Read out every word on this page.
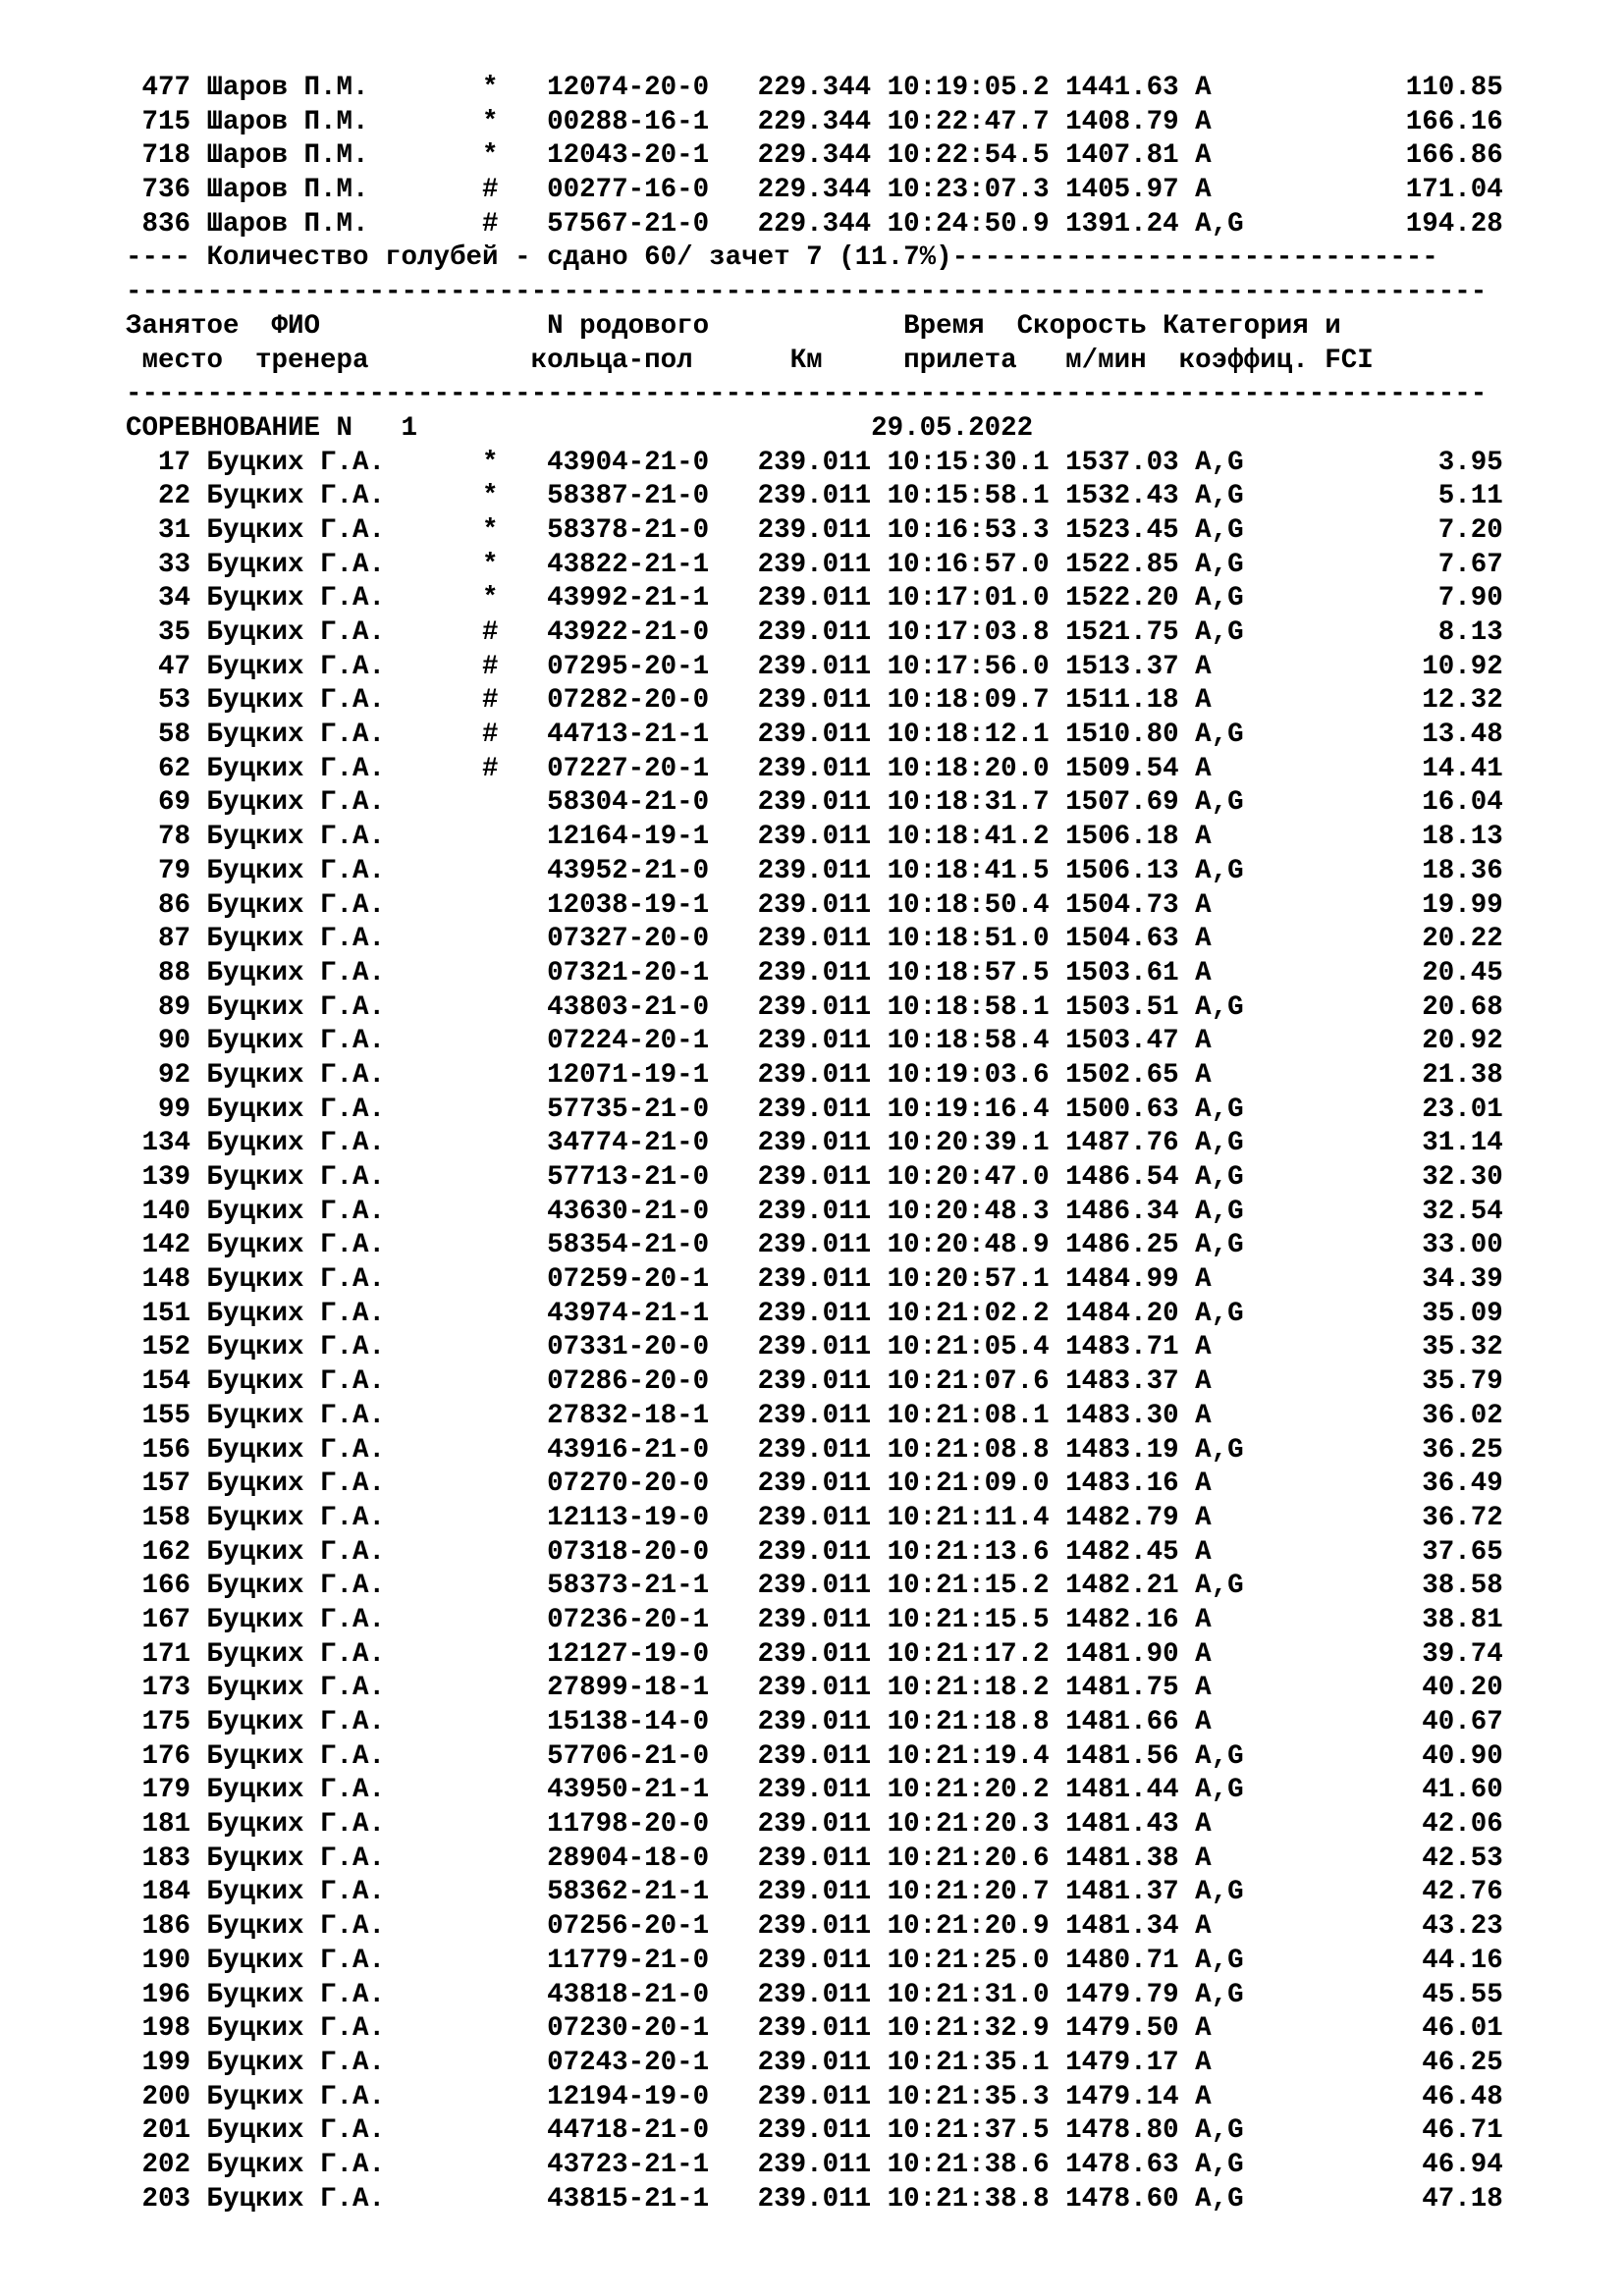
477 Шаров П.М.       *   12074-20-0   229.344 10:19:05.2 1441.63 A            110.85
715 Шаров П.М.       *   00288-16-1   229.344 10:22:47.7 1408.79 A            166.16
718 Шаров П.М.       *   12043-20-1   229.344 10:22:54.5 1407.81 A            166.86
736 Шаров П.М.       #   00277-16-0   229.344 10:23:07.3 1405.97 A            171.04
836 Шаров П.М.       #   57567-21-0   229.344 10:24:50.9 1391.24 A,G          194.28
---- Количество голубей - сдано 60/ зачет 7 (11.7%)------------------------------
------------------------------------------------------------------------------------
Занятое  ФИО              N родового            Время  Скорость Категория и
место  тренера          кольца-пол      Км     прилета   м/мин  коэффиц. FCI
------------------------------------------------------------------------------------
СОРЕВНОВАНИЕ N   1                            29.05.2022
17 Буцких Г.А.      *   43904-21-0   239.011 10:15:30.1 1537.03 A,G            3.95
22 Буцких Г.А.      *   58387-21-0   239.011 10:15:58.1 1532.43 A,G            5.11
31 Буцких Г.А.      *   58378-21-0   239.011 10:16:53.3 1523.45 A,G            7.20
33 Буцких Г.А.      *   43822-21-1   239.011 10:16:57.0 1522.85 A,G            7.67
34 Буцких Г.А.      *   43992-21-1   239.011 10:17:01.0 1522.20 A,G            7.90
35 Буцких Г.А.      #   43922-21-0   239.011 10:17:03.8 1521.75 A,G            8.13
47 Буцких Г.А.      #   07295-20-1   239.011 10:17:56.0 1513.37 A             10.92
53 Буцких Г.А.      #   07282-20-0   239.011 10:18:09.7 1511.18 A             12.32
58 Буцких Г.А.      #   44713-21-1   239.011 10:18:12.1 1510.80 A,G           13.48
62 Буцких Г.А.      #   07227-20-1   239.011 10:18:20.0 1509.54 A             14.41
69 Буцких Г.А.          58304-21-0   239.011 10:18:31.7 1507.69 A,G           16.04
78 Буцких Г.А.          12164-19-1   239.011 10:18:41.2 1506.18 A             18.13
79 Буцких Г.А.          43952-21-0   239.011 10:18:41.5 1506.13 A,G           18.36
86 Буцких Г.А.          12038-19-1   239.011 10:18:50.4 1504.73 A             19.99
87 Буцких Г.А.          07327-20-0   239.011 10:18:51.0 1504.63 A             20.22
88 Буцких Г.А.          07321-20-1   239.011 10:18:57.5 1503.61 A             20.45
89 Буцких Г.А.          43803-21-0   239.011 10:18:58.1 1503.51 A,G           20.68
90 Буцких Г.А.          07224-20-1   239.011 10:18:58.4 1503.47 A             20.92
92 Буцких Г.А.          12071-19-1   239.011 10:19:03.6 1502.65 A             21.38
99 Буцких Г.А.          57735-21-0   239.011 10:19:16.4 1500.63 A,G           23.01
134 Буцких Г.А.          34774-21-0   239.011 10:20:39.1 1487.76 A,G           31.14
139 Буцких Г.А.          57713-21-0   239.011 10:20:47.0 1486.54 A,G           32.30
140 Буцких Г.А.          43630-21-0   239.011 10:20:48.3 1486.34 A,G           32.54
142 Буцких Г.А.          58354-21-0   239.011 10:20:48.9 1486.25 A,G           33.00
148 Буцких Г.А.          07259-20-1   239.011 10:20:57.1 1484.99 A             34.39
151 Буцких Г.А.          43974-21-1   239.011 10:21:02.2 1484.20 A,G           35.09
152 Буцких Г.А.          07331-20-0   239.011 10:21:05.4 1483.71 A             35.32
154 Буцких Г.А.          07286-20-0   239.011 10:21:07.6 1483.37 A             35.79
155 Буцких Г.А.          27832-18-1   239.011 10:21:08.1 1483.30 A             36.02
156 Буцких Г.А.          43916-21-0   239.011 10:21:08.8 1483.19 A,G           36.25
157 Буцких Г.А.          07270-20-0   239.011 10:21:09.0 1483.16 A             36.49
158 Буцких Г.А.          12113-19-0   239.011 10:21:11.4 1482.79 A             36.72
162 Буцких Г.А.          07318-20-0   239.011 10:21:13.6 1482.45 A             37.65
166 Буцких Г.А.          58373-21-1   239.011 10:21:15.2 1482.21 A,G           38.58
167 Буцких Г.А.          07236-20-1   239.011 10:21:15.5 1482.16 A             38.81
171 Буцких Г.А.          12127-19-0   239.011 10:21:17.2 1481.90 A             39.74
173 Буцких Г.А.          27899-18-1   239.011 10:21:18.2 1481.75 A             40.20
175 Буцких Г.А.          15138-14-0   239.011 10:21:18.8 1481.66 A             40.67
176 Буцких Г.А.          57706-21-0   239.011 10:21:19.4 1481.56 A,G           40.90
179 Буцких Г.А.          43950-21-1   239.011 10:21:20.2 1481.44 A,G           41.60
181 Буцких Г.А.          11798-20-0   239.011 10:21:20.3 1481.43 A             42.06
183 Буцких Г.А.          28904-18-0   239.011 10:21:20.6 1481.38 A             42.53
184 Буцких Г.А.          58362-21-1   239.011 10:21:20.7 1481.37 A,G           42.76
186 Буцких Г.А.          07256-20-1   239.011 10:21:20.9 1481.34 A             43.23
190 Буцких Г.А.          11779-21-0   239.011 10:21:25.0 1480.71 A,G           44.16
196 Буцких Г.А.          43818-21-0   239.011 10:21:31.0 1479.79 A,G           45.55
198 Буцких Г.А.          07230-20-1   239.011 10:21:32.9 1479.50 A             46.01
199 Буцких Г.А.          07243-20-1   239.011 10:21:35.1 1479.17 A             46.25
200 Буцких Г.А.          12194-19-0   239.011 10:21:35.3 1479.14 A             46.48
201 Буцких Г.А.          44718-21-0   239.011 10:21:37.5 1478.80 A,G           46.71
202 Буцких Г.А.          43723-21-1   239.011 10:21:38.6 1478.63 A,G           46.94
203 Буцких Г.А.          43815-21-1   239.011 10:21:38.8 1478.60 A,G           47.18
